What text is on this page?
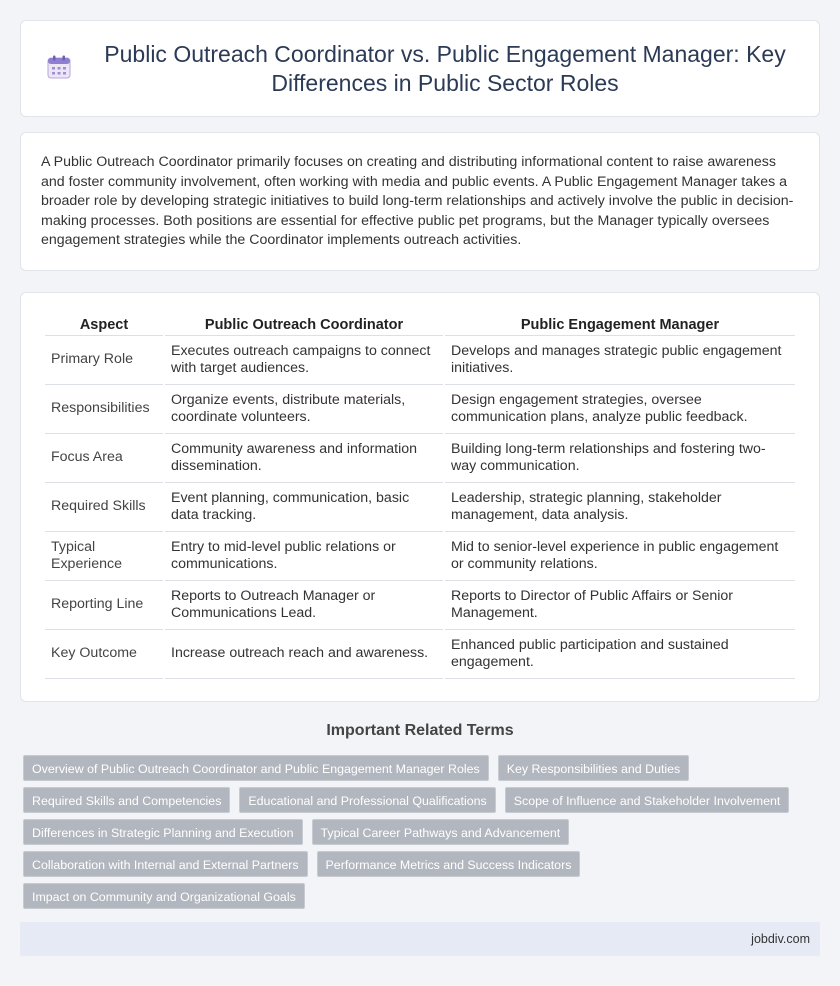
Public Outreach Coordinator vs. Public Engagement Manager: Key Differences in Public Sector Roles

A Public Outreach Coordinator primarily focuses on creating and distributing informational content to raise awareness and foster community involvement, often working with media and public events. A Public Engagement Manager takes a broader role by developing strategic initiatives to build long-term relationships and actively involve the public in decision-making processes. Both positions are essential for effective public pet programs, but the Manager typically oversees engagement strategies while the Coordinator implements outreach activities.

Aspect	Public Outreach Coordinator	Public Engagement Manager
Primary Role	Executes outreach campaigns to connect with target audiences.	Develops and manages strategic public engagement initiatives.
Responsibilities	Organize events, distribute materials, coordinate volunteers.	Design engagement strategies, oversee communication plans, analyze public feedback.
Focus Area	Community awareness and information dissemination.	Building long-term relationships and fostering two-way communication.
Required Skills	Event planning, communication, basic data tracking.	Leadership, strategic planning, stakeholder management, data analysis.
Typical Experience	Entry to mid-level public relations or communications.	Mid to senior-level experience in public engagement or community relations.
Reporting Line	Reports to Outreach Manager or Communications Lead.	Reports to Director of Public Affairs or Senior Management.
Key Outcome	Increase outreach reach and awareness.	Enhanced public participation and sustained engagement.
Important Related Terms
Overview of Public Outreach Coordinator and Public Engagement Manager Roles	Key Responsibilities and Duties
Required Skills and Competencies	Educational and Professional Qualifications	Scope of Influence and Stakeholder Involvement
Differences in Strategic Planning and Execution	Typical Career Pathways and Advancement
Collaboration with Internal and External Partners	Performance Metrics and Success Indicators
Impact on Community and Organizational Goals
jobdiv.com
